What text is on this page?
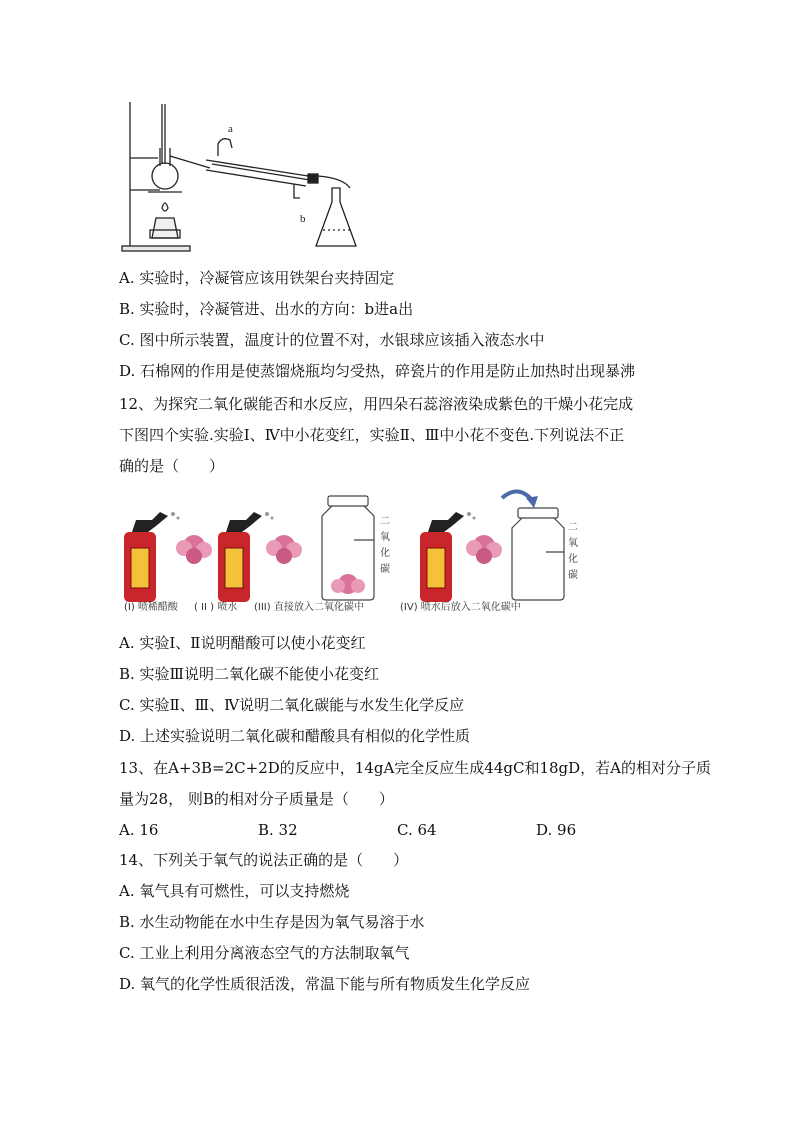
a
b
A. 实验时，冷凝管应该用铁架台夹持固定
B. 实验时，冷凝管进、出水的方向：b进a出
C. 图中所示装置，温度计的位置不对，水银球应该插入液态水中
D. 石棉网的作用是使蒸馏烧瓶均匀受热，碎瓷片的作用是防止加热时出现暴沸
12、为探究二氧化碳能否和水反应，用四朵石蕊溶液染成紫色的干燥小花完成
下图四个实验.实验Ⅰ、Ⅳ中小花变红，实验Ⅱ、Ⅲ中小花不变色.下列说法不正
确的是（　　）
二
氧
化
碳
二
氧
化
碳
(I) 喷稀醋酸 ( II ) 喷水 (III) 直接放入二氧化碳中	(IV) 喷水后放入二氧化碳中
A. 实验Ⅰ、Ⅱ说明醋酸可以使小花变红
B. 实验Ⅲ说明二氧化碳不能使小花变红
C. 实验Ⅱ、Ⅲ、Ⅳ说明二氧化碳能与水发生化学反应
D. 上述实验说明二氧化碳和醋酸具有相似的化学性质
13、在A+3B=2C+2D的反应中，14gA完全反应生成44gC和18gD，若A的相对分子质
量为28， 则B的相对分子质量是（　　）
A. 16	B. 32	C. 64	D. 96
14、下列关于氧气的说法正确的是（　　）
A. 氧气具有可燃性，可以支持燃烧
B. 水生动物能在水中生存是因为氧气易溶于水
C. 工业上利用分离液态空气的方法制取氧气
D. 氧气的化学性质很活泼，常温下能与所有物质发生化学反应
